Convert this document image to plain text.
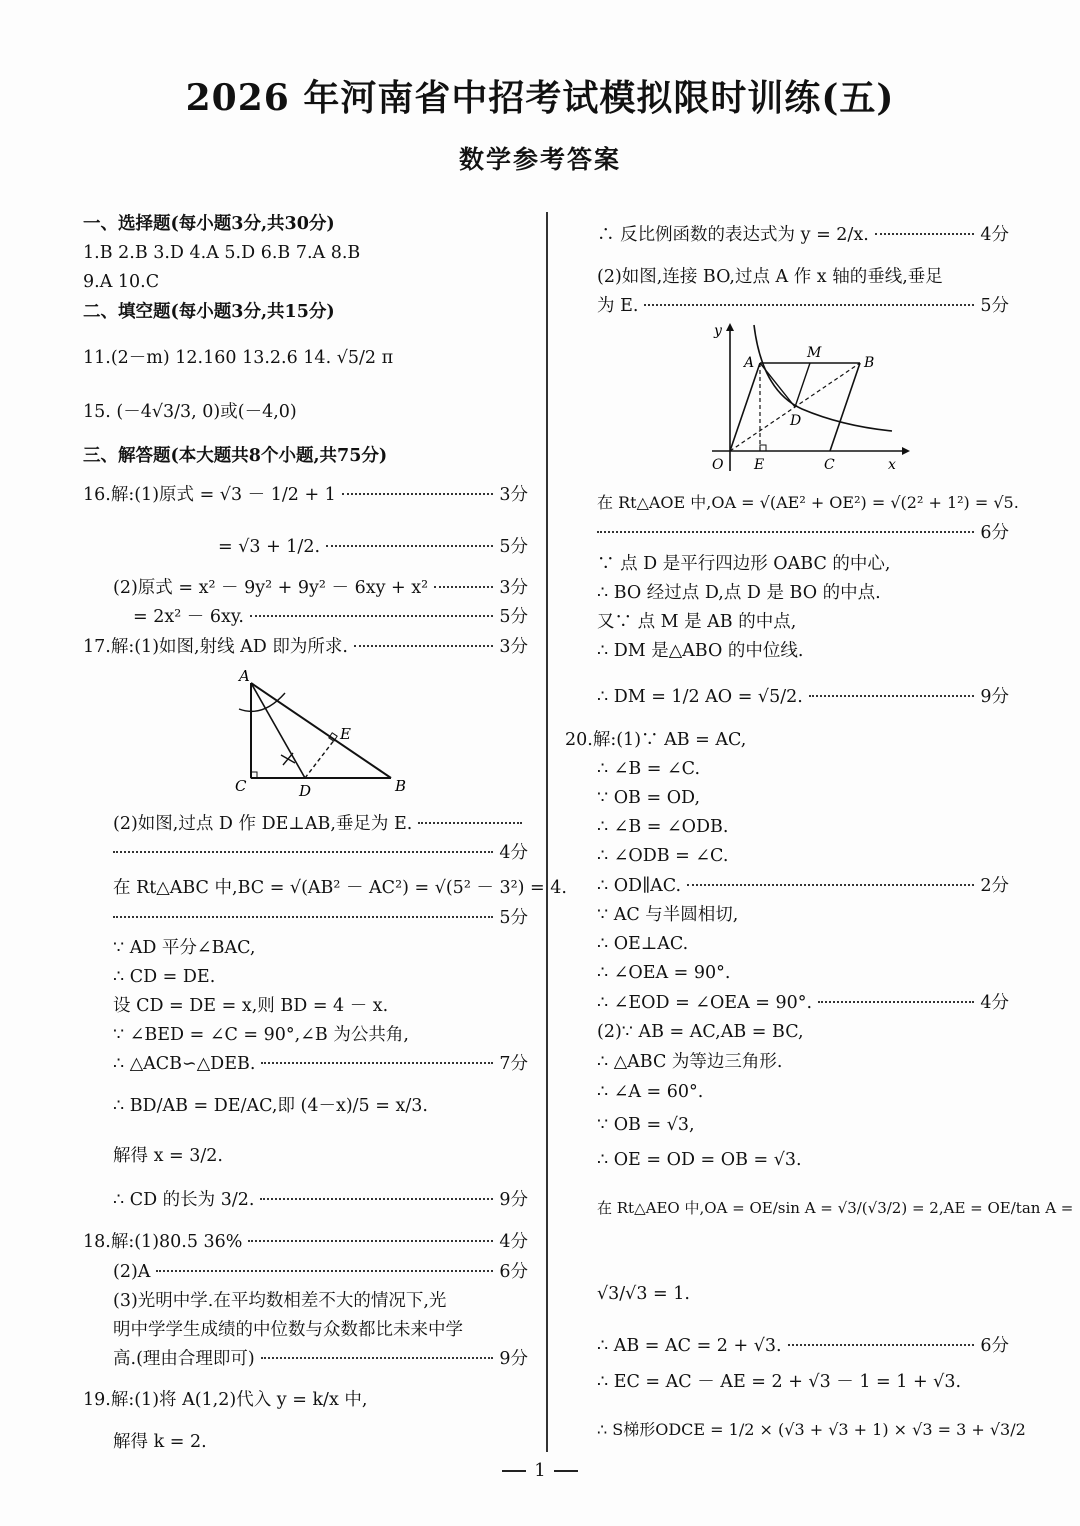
2026 年河南省中招考试模拟限时训练(五)
数学参考答案
一、选择题(每小题3分,共30分)
1.B 2.B 3.D 4.A 5.D 6.B 7.A 8.B
9.A 10.C
二、填空题(每小题3分,共15分)
11.(2－m) 12.160 13.2.6 14. √5/2 π
15. (－4√3/3, 0)或(－4,0)
三、解答题(本大题共8个小题,共75分)
16.解:(1)原式 = √3 － 1/2 + 1	3分
= √3 + 1/2.	5分
(2)原式 = x² － 9y² + 9y² － 6xy + x²	3分
= 2x² － 6xy.	5分
17.解:(1)如图,射线 AD 即为所求.	3分
A
E
C	D	B
(2)如图,过点 D 作 DE⊥AB,垂足为 E.
4分
在 Rt△ABC 中,BC = √(AB² － AC²) = √(5² － 3²) = 4.
5分
∵ AD 平分∠BAC,
∴ CD = DE.
设 CD = DE = x,则 BD = 4 － x.
∵ ∠BED = ∠C = 90°,∠B 为公共角,
∴ △ACB∽△DEB.	7分
∴ BD/AB = DE/AC,即 (4－x)/5 = x/3.
解得 x = 3/2.
∴ CD 的长为 3/2.	9分
18.解:(1)80.5 36%	4分
(2)A	6分
(3)光明中学.在平均数相差不大的情况下,光
明中学学生成绩的中位数与众数都比未来中学
高.(理由合理即可)	9分
19.解:(1)将 A(1,2)代入 y = k/x 中,
解得 k = 2.
∴ 反比例函数的表达式为 y = 2/x.	4分
(2)如图,连接 BO,过点 A 作 x 轴的垂线,垂足
为 E.	5分
y
A
M
B
D
O E	C	x
在 Rt△AOE 中,OA = √(AE² + OE²) = √(2² + 1²) = √5.
6分
∵ 点 D 是平行四边形 OABC 的中心,
∴ BO 经过点 D,点 D 是 BO 的中点.
又∵ 点 M 是 AB 的中点,
∴ DM 是△ABO 的中位线.
∴ DM = 1/2 AO = √5/2.	9分
20.解:(1)∵ AB = AC,
∴ ∠B = ∠C.
∵ OB = OD,
∴ ∠B = ∠ODB.
∴ ∠ODB = ∠C.
∴ OD∥AC.	2分
∵ AC 与半圆相切,
∴ OE⊥AC.
∴ ∠OEA = 90°.
∴ ∠EOD = ∠OEA = 90°.	4分
(2)∵ AB = AC,AB = BC,
∴ △ABC 为等边三角形.
∴ ∠A = 60°.
∵ OB = √3,
∴ OE = OD = OB = √3.
在 Rt△AEO 中,OA = OE/sin A = √3/(√3/2) = 2,AE = OE/tan A =
√3/√3 = 1.
∴ AB = AC = 2 + √3.	6分
∴ EC = AC － AE = 2 + √3 － 1 = 1 + √3.
∴ S梯形ODCE = 1/2 × (√3 + √3 + 1) × √3 = 3 + √3/2
1
